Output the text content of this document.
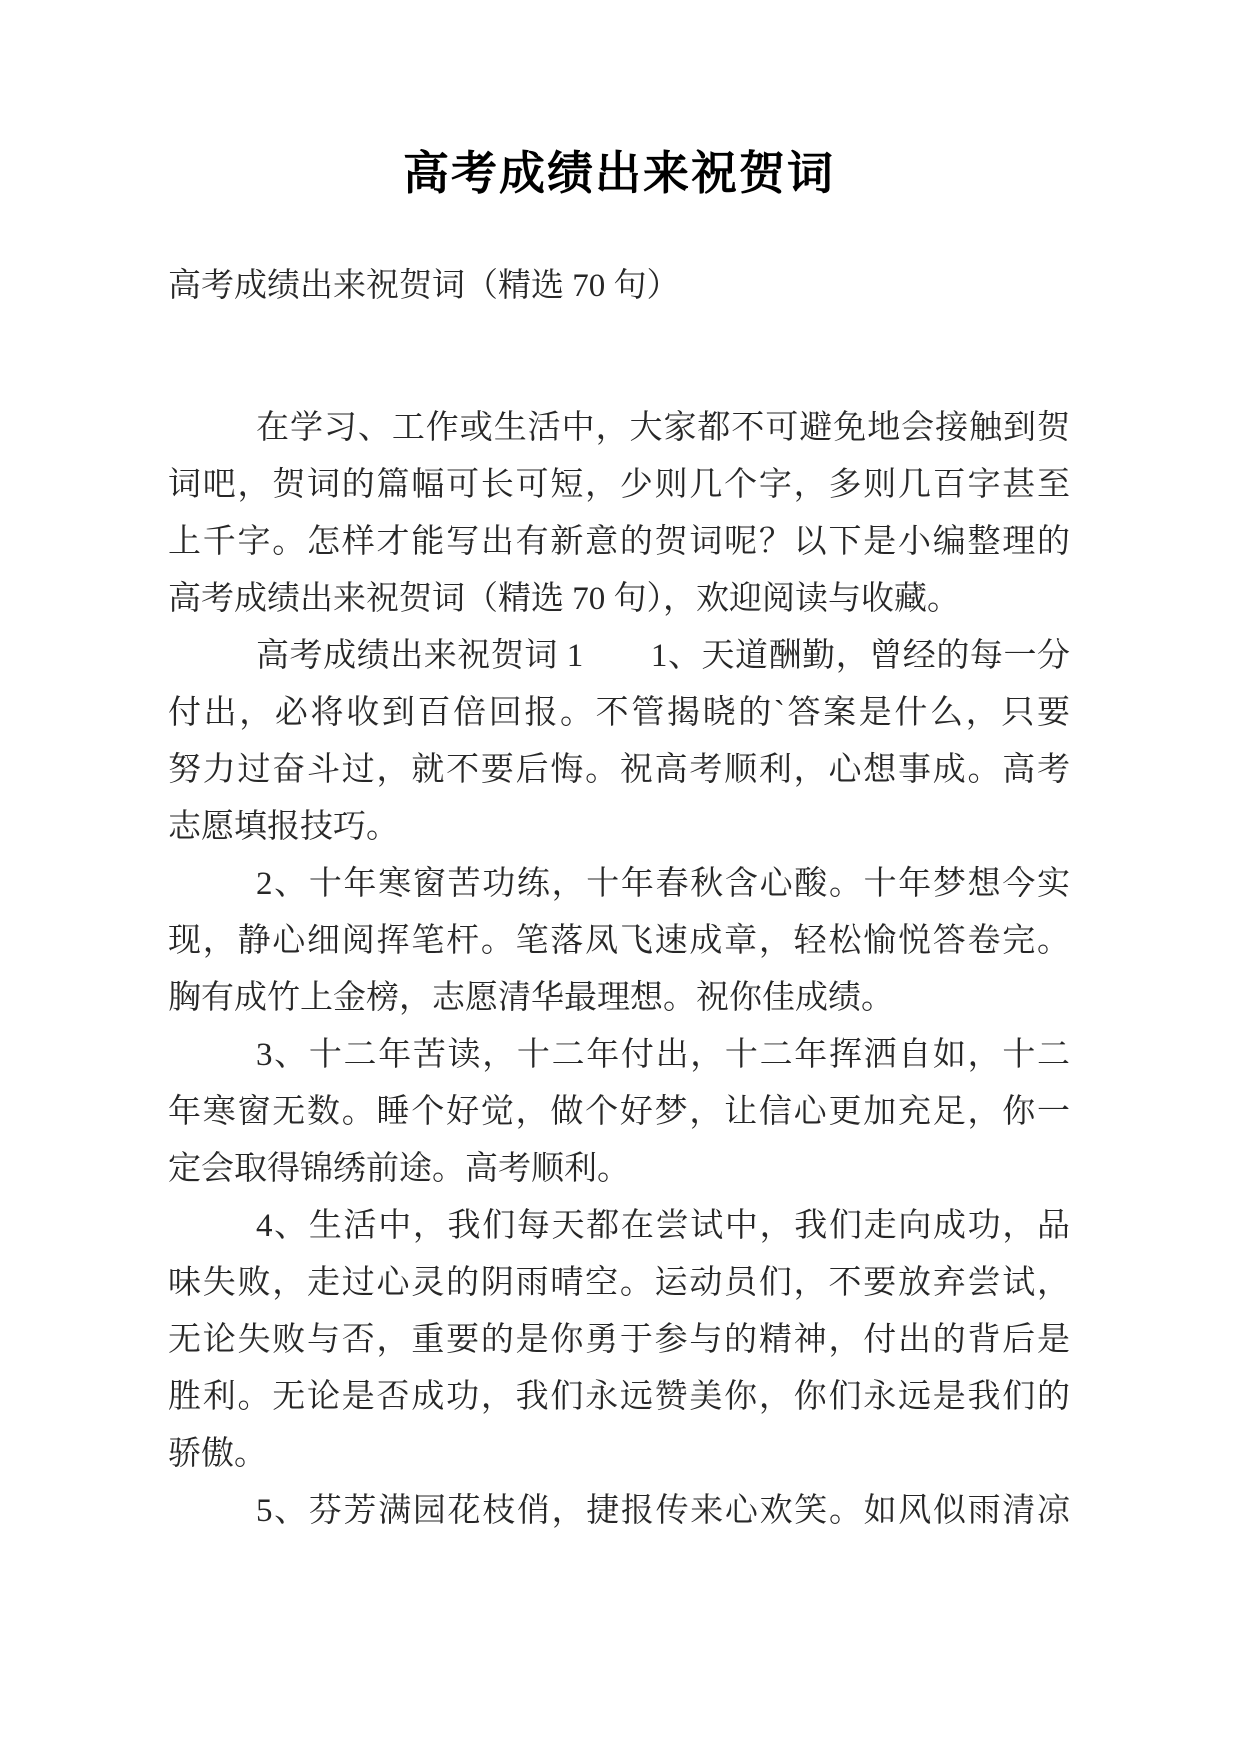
高考成绩出来祝贺词
高考成绩出来祝贺词（精选 70 句）
在学习、工作或生活中，大家都不可避免地会接触到贺
词吧，贺词的篇幅可长可短，少则几个字，多则几百字甚至
上千字。怎样才能写出有新意的贺词呢？以下是小编整理的
高考成绩出来祝贺词（精选 70 句），欢迎阅读与收藏。
高考成绩出来祝贺词 1　　1、天道酬勤，曾经的每一分
付出，必将收到百倍回报。不管揭晓的`答案是什么，只要
努力过奋斗过，就不要后悔。祝高考顺利，心想事成。高考
志愿填报技巧。
2、十年寒窗苦功练，十年春秋含心酸。十年梦想今实
现，静心细阅挥笔杆。笔落凤飞速成章，轻松愉悦答卷完。
胸有成竹上金榜，志愿清华最理想。祝你佳成绩。
3、十二年苦读，十二年付出，十二年挥洒自如，十二
年寒窗无数。睡个好觉，做个好梦，让信心更加充足，你一
定会取得锦绣前途。高考顺利。
4、生活中，我们每天都在尝试中，我们走向成功，品
味失败，走过心灵的阴雨晴空。运动员们，不要放弃尝试，
无论失败与否，重要的是你勇于参与的精神，付出的背后是
胜利。无论是否成功，我们永远赞美你，你们永远是我们的
骄傲。
5、芬芳满园花枝俏，捷报传来心欢笑。如风似雨清凉
